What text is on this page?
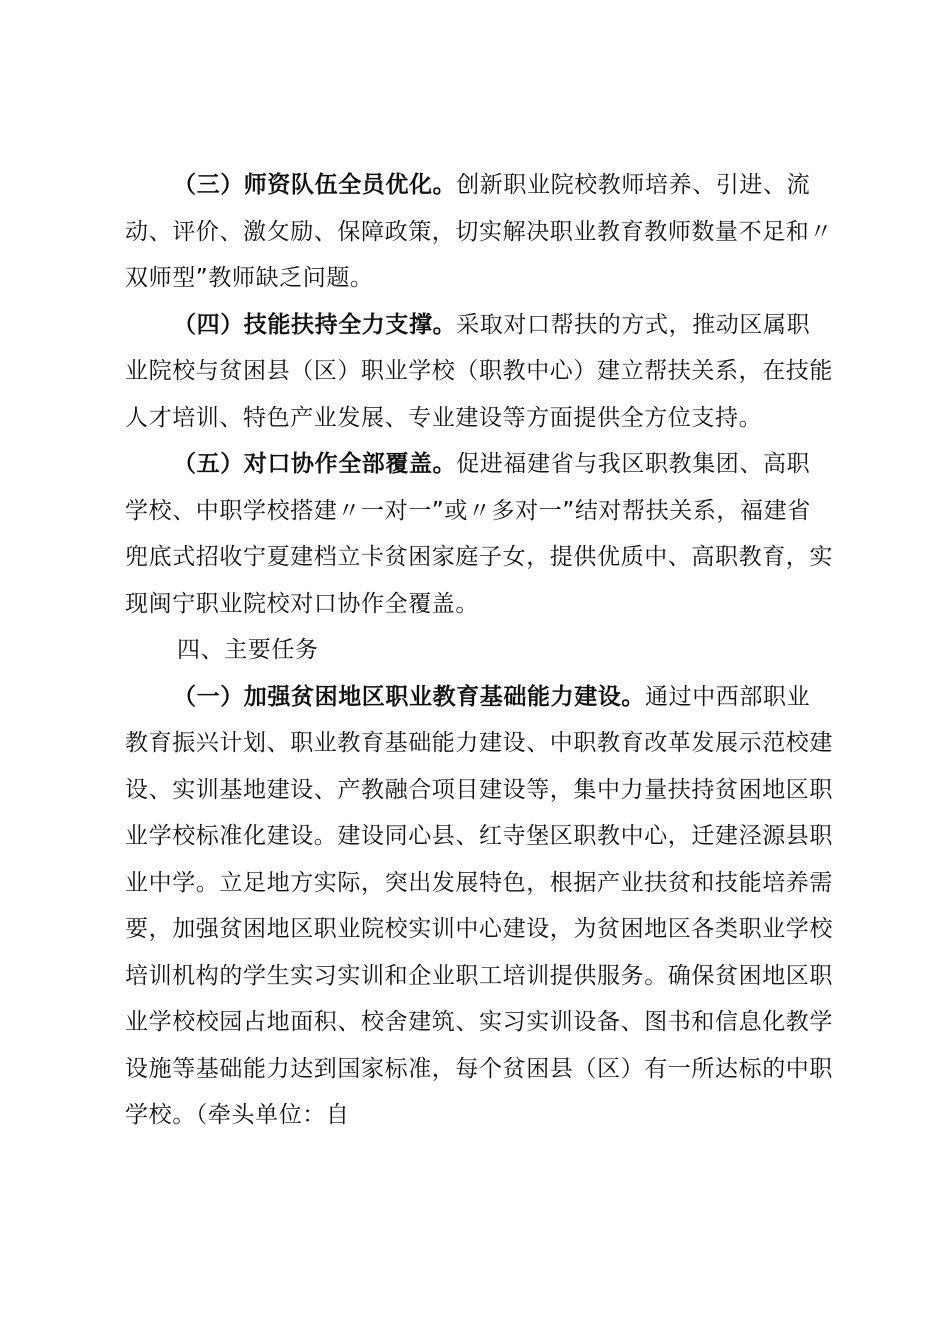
（三）师资队伍全员优化。创新职业院校教师培养、引进、流
动、评价、激攵励、保障政策，切实解决职业教育教师数量不足和〃
双师型”教师缺乏问题。

（四）技能扶持全力支撑。采取对口帮扶的方式，推动区属职
业院校与贫困县（区）职业学校（职教中心）建立帮扶关系，在技能
人才培训、特色产业发展、专业建设等方面提供全方位支持。

（五）对口协作全部覆盖。促进福建省与我区职教集团、高职
学校、中职学校搭建〃一对一”或〃多对一”结对帮扶关系，福建省
兜底式招收宁夏建档立卡贫困家庭子女，提供优质中、高职教育，实
现闽宁职业院校对口协作全覆盖。

四、主要任务

（一）加强贫困地区职业教育基础能力建设。通过中西部职业
教育振兴计划、职业教育基础能力建设、中职教育改革发展示范校建
设、实训基地建设、产教融合项目建设等，集中力量扶持贫困地区职
业学校标准化建设。建设同心县、红寺堡区职教中心，迁建泾源县职
业中学。立足地方实际，突出发展特色，根据产业扶贫和技能培养需
要，加强贫困地区职业院校实训中心建设，为贫困地区各类职业学校
培训机构的学生实习实训和企业职工培训提供服务。确保贫困地区职
业学校校园占地面积、校舍建筑、实习实训设备、图书和信息化教学
设施等基础能力达到国家标准，每个贫困县（区）有一所达标的中职
学校。（牵头单位：自
